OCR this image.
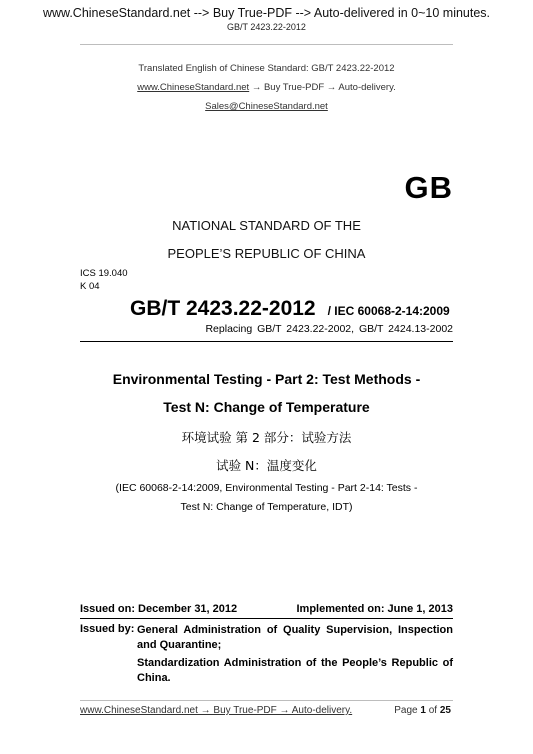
www.ChineseStandard.net --> Buy True-PDF --> Auto-delivered in 0~10 minutes.
GB/T 2423.22-2012
Translated English of Chinese Standard: GB/T 2423.22-2012
www.ChineseStandard.net → Buy True-PDF → Auto-delivery.
Sales@ChineseStandard.net
GB
NATIONAL STANDARD OF THE
PEOPLE’S REPUBLIC OF CHINA
ICS 19.040
K 04
GB/T 2423.22-2012 / IEC 60068-2-14:2009
Replacing GB/T 2423.22-2002, GB/T 2424.13-2002
Environmental Testing - Part 2: Test Methods -
Test N: Change of Temperature
环境试验 第 2 部分：试验方法
试验 N：温度变化
(IEC 60068-2-14:2009, Environmental Testing - Part 2-14: Tests -
Test N: Change of Temperature, IDT)
Issued on: December 31, 2012	Implemented on: June 1, 2013
Issued by: General Administration of Quality Supervision, Inspection and Quarantine;
Standardization Administration of the People’s Republic of China.
www.ChineseStandard.net → Buy True-PDF → Auto-delivery.	Page 1 of 25
